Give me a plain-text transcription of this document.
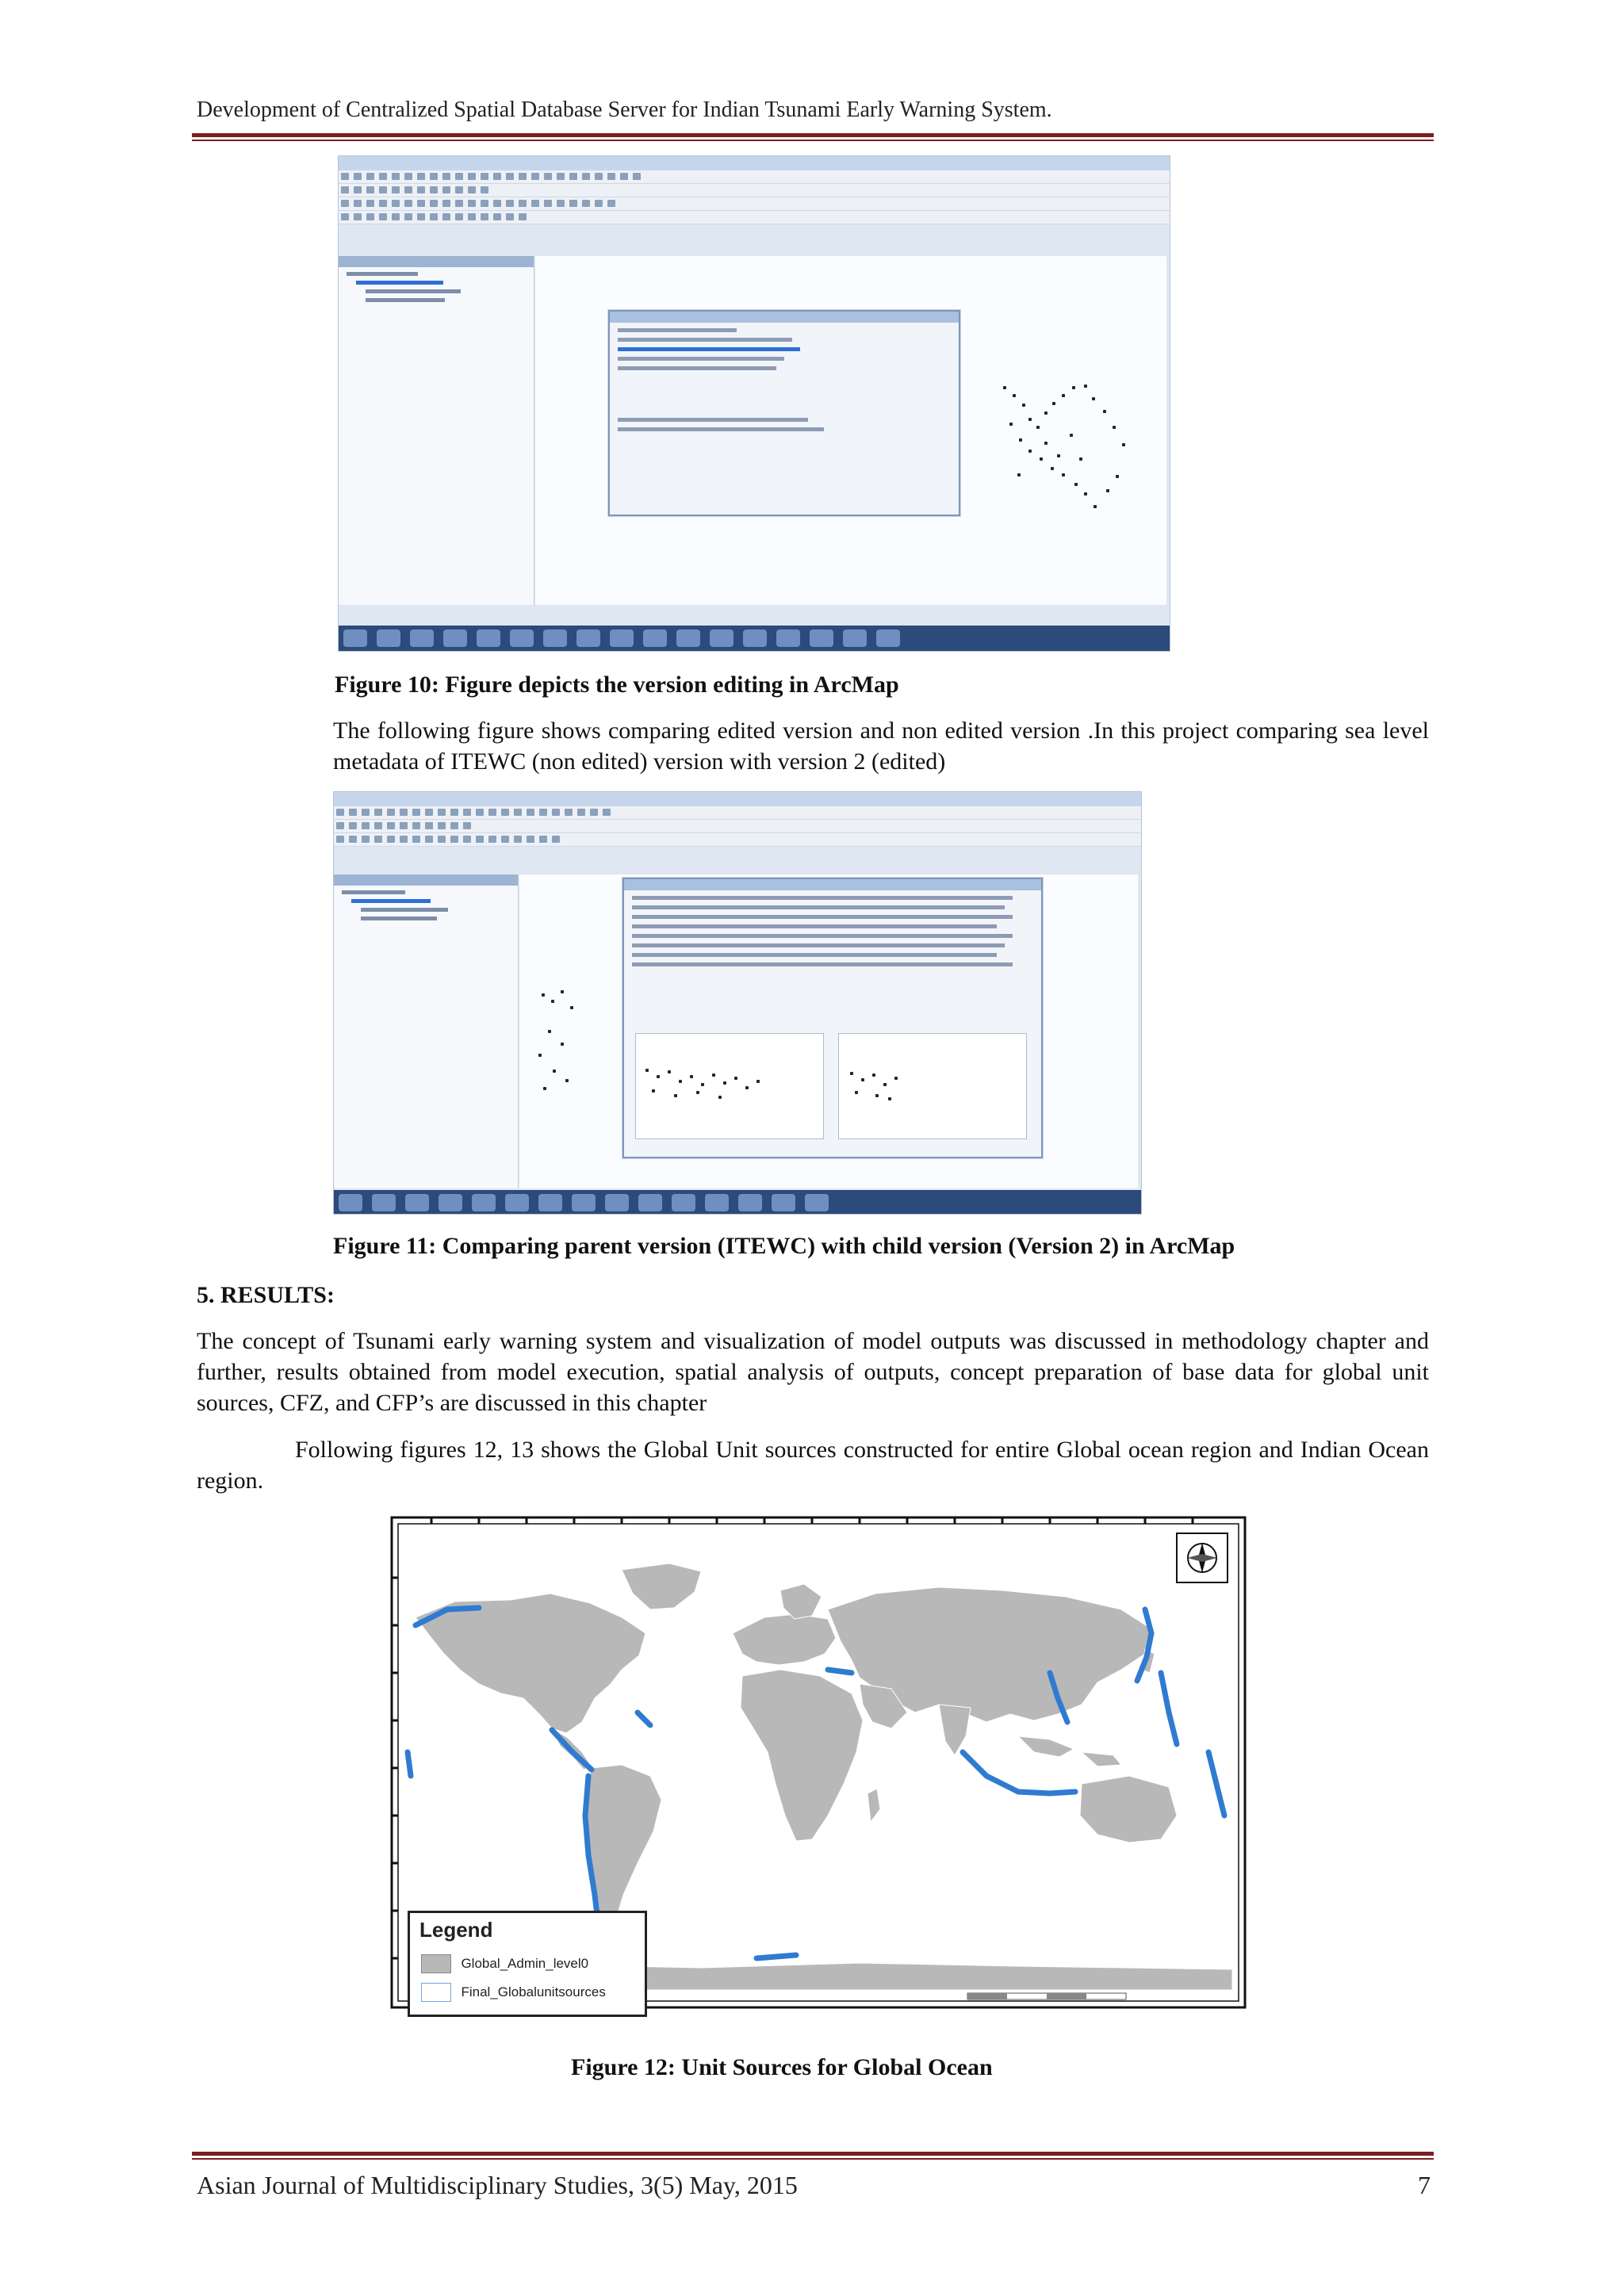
Development of Centralized Spatial Database Server for Indian Tsunami Early Warning System.
Figure 10: Figure depicts the version editing in ArcMap

The following figure shows comparing edited version and non edited version .In this project comparing sea level metadata of ITEWC (non edited) version with version 2 (edited)

Figure 11: Comparing parent version (ITEWC) with child version (Version 2) in ArcMap
5. RESULTS:

The concept of Tsunami early warning system and visualization of model outputs was discussed in methodology chapter and further, results obtained from model execution, spatial analysis of outputs, concept preparation of base data for global unit sources, CFZ, and CFP’s are discussed in this chapter

Following figures 12, 13 shows the Global Unit sources constructed for entire Global ocean region and Indian Ocean region.

Legend
Global_Admin_level0
Final_Globalunitsources
Figure 12: Unit Sources for Global Ocean
Asian Journal of Multidisciplinary Studies, 3(5) May, 2015	7
